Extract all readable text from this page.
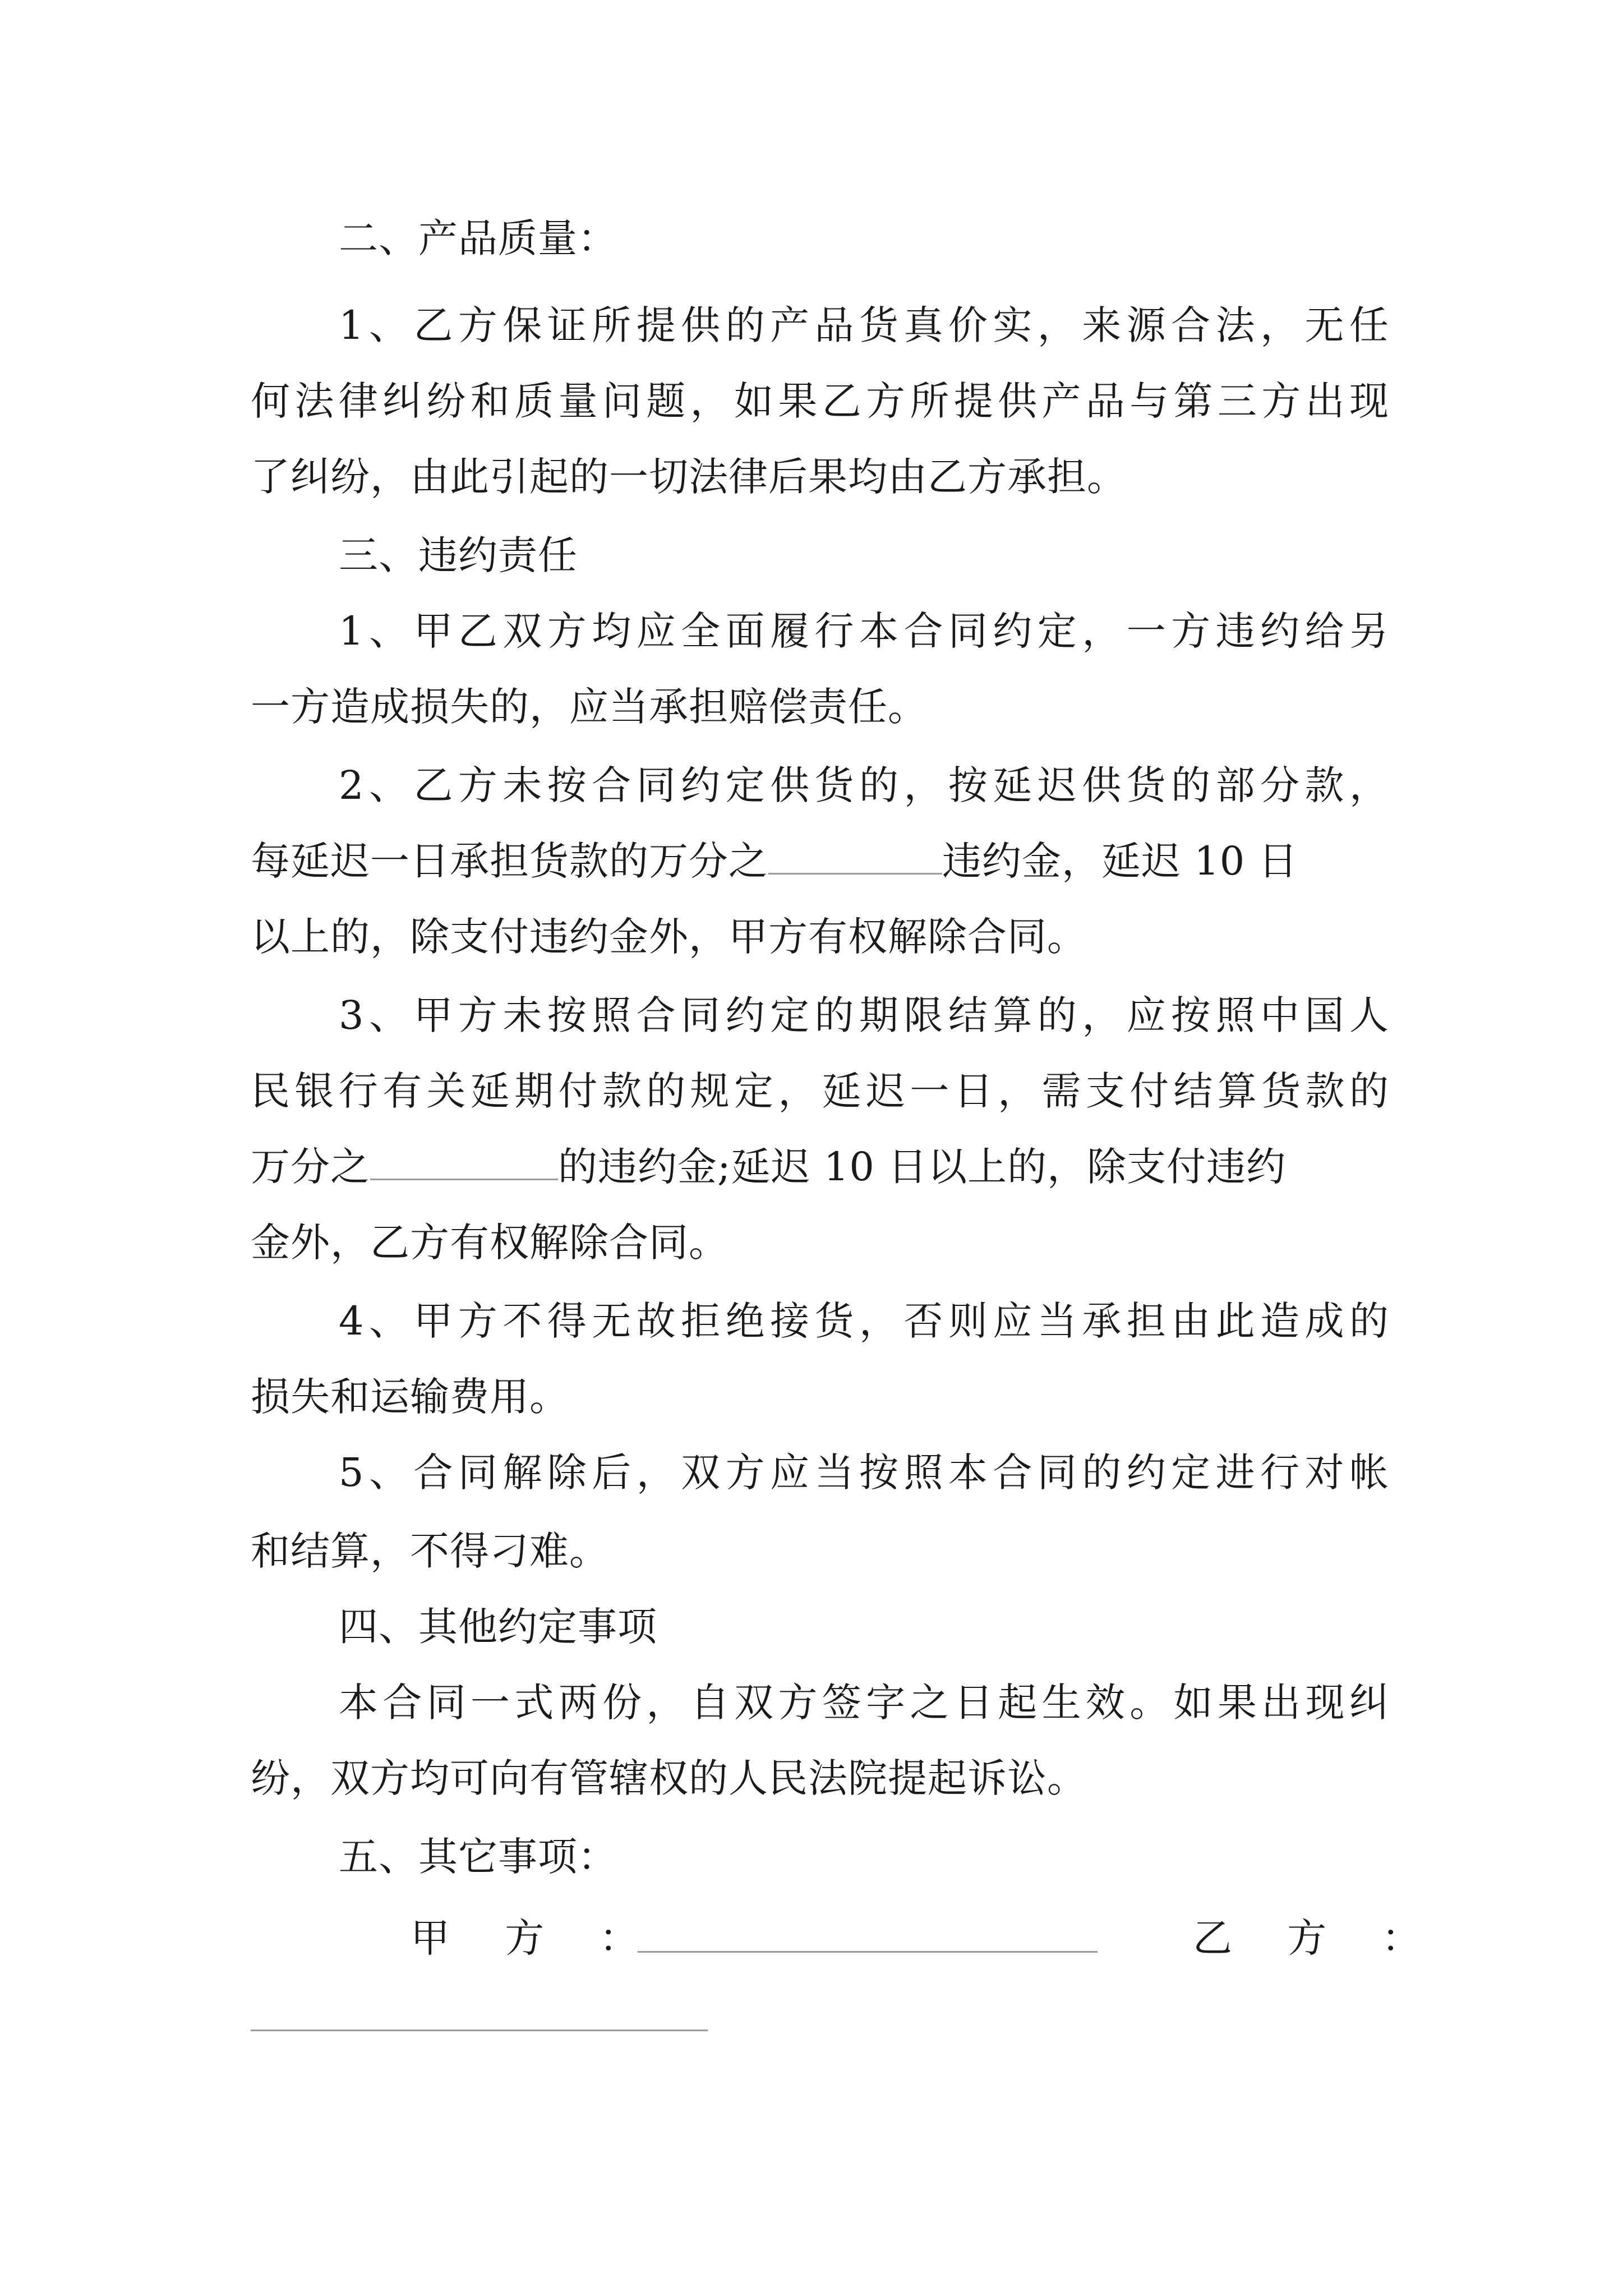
二、产品质量：
1、乙方保证所提供的产品货真价实，来源合法，无任
何法律纠纷和质量问题，如果乙方所提供产品与第三方出现
了纠纷，由此引起的一切法律后果均由乙方承担。
三、违约责任
1、甲乙双方均应全面履行本合同约定，一方违约给另
一方造成损失的，应当承担赔偿责任。
2、乙方未按合同约定供货的，按延迟供货的部分款，
每延迟一日承担货款的万分之	违约金，延迟 10 日
以上的，除支付违约金外，甲方有权解除合同。
3、甲方未按照合同约定的期限结算的，应按照中国人
民银行有关延期付款的规定，延迟一日，需支付结算货款的
万分之	的违约金;延迟 10 日以上的，除支付违约
金外，乙方有权解除合同。
4、甲方不得无故拒绝接货，否则应当承担由此造成的
损失和运输费用。
5、合同解除后，双方应当按照本合同的约定进行对帐
和结算，不得刁难。
四、其他约定事项
本合同一式两份，自双方签字之日起生效。如果出现纠
纷，双方均可向有管辖权的人民法院提起诉讼。
五、其它事项：
甲 方 ：	乙 方 ：
